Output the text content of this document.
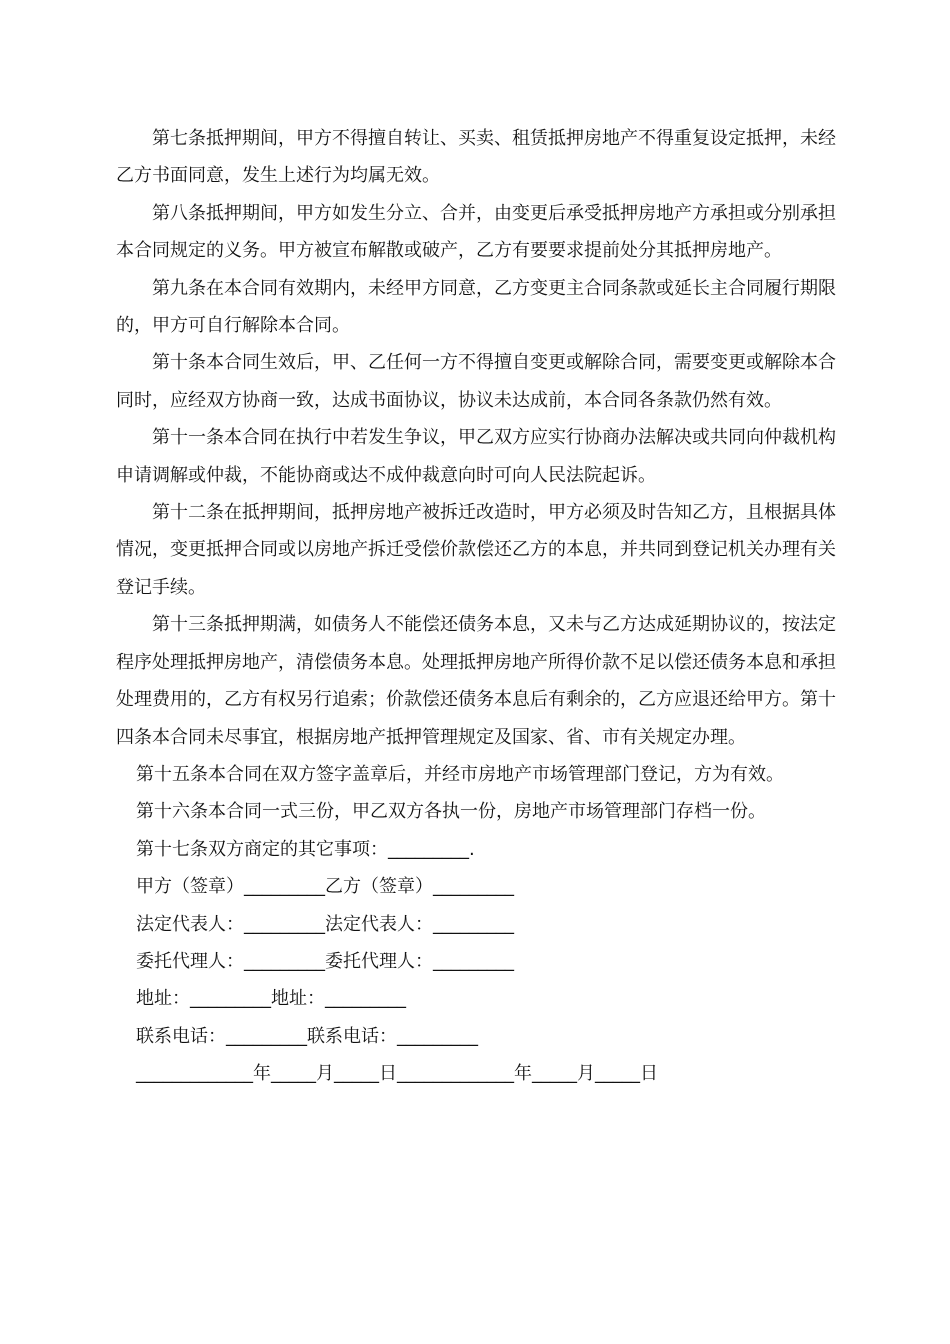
第七条抵押期间，甲方不得擅自转让、买卖、租赁抵押房地产不得重复设定抵押，未经乙方书面同意，发生上述行为均属无效。

第八条抵押期间，甲方如发生分立、合并，由变更后承受抵押房地产方承担或分别承担本合同规定的义务。甲方被宣布解散或破产，乙方有要要求提前处分其抵押房地产。

第九条在本合同有效期内，未经甲方同意，乙方变更主合同条款或延长主合同履行期限的，甲方可自行解除本合同。

第十条本合同生效后，甲、乙任何一方不得擅自变更或解除合同，需要变更或解除本合同时，应经双方协商一致，达成书面协议，协议未达成前，本合同各条款仍然有效。

第十一条本合同在执行中若发生争议，甲乙双方应实行协商办法解决或共同向仲裁机构申请调解或仲裁，不能协商或达不成仲裁意向时可向人民法院起诉。

第十二条在抵押期间，抵押房地产被拆迁改造时，甲方必须及时告知乙方，且根据具体情况，变更抵押合同或以房地产拆迁受偿价款偿还乙方的本息，并共同到登记机关办理有关登记手续。

第十三条抵押期满，如债务人不能偿还债务本息，又未与乙方达成延期协议的，按法定程序处理抵押房地产，清偿债务本息。处理抵押房地产所得价款不足以偿还债务本息和承担处理费用的，乙方有权另行追索；价款偿还债务本息后有剩余的，乙方应退还给甲方。第十四条本合同未尽事宜，根据房地产抵押管理规定及国家、省、市有关规定办理。

第十五条本合同在双方签字盖章后，并经市房地产市场管理部门登记，方为有效。

第十六条本合同一式三份，甲乙双方各执一份，房地产市场管理部门存档一份。

第十七条双方商定的其它事项：_________.

甲方（签章）_________乙方（签章）_________

法定代表人：_________法定代表人：_________

委托代理人：_________委托代理人：_________

地址：_________地址：_________

联系电话：_________联系电话：_________

_____________年_____月_____日_____________年_____月_____日
